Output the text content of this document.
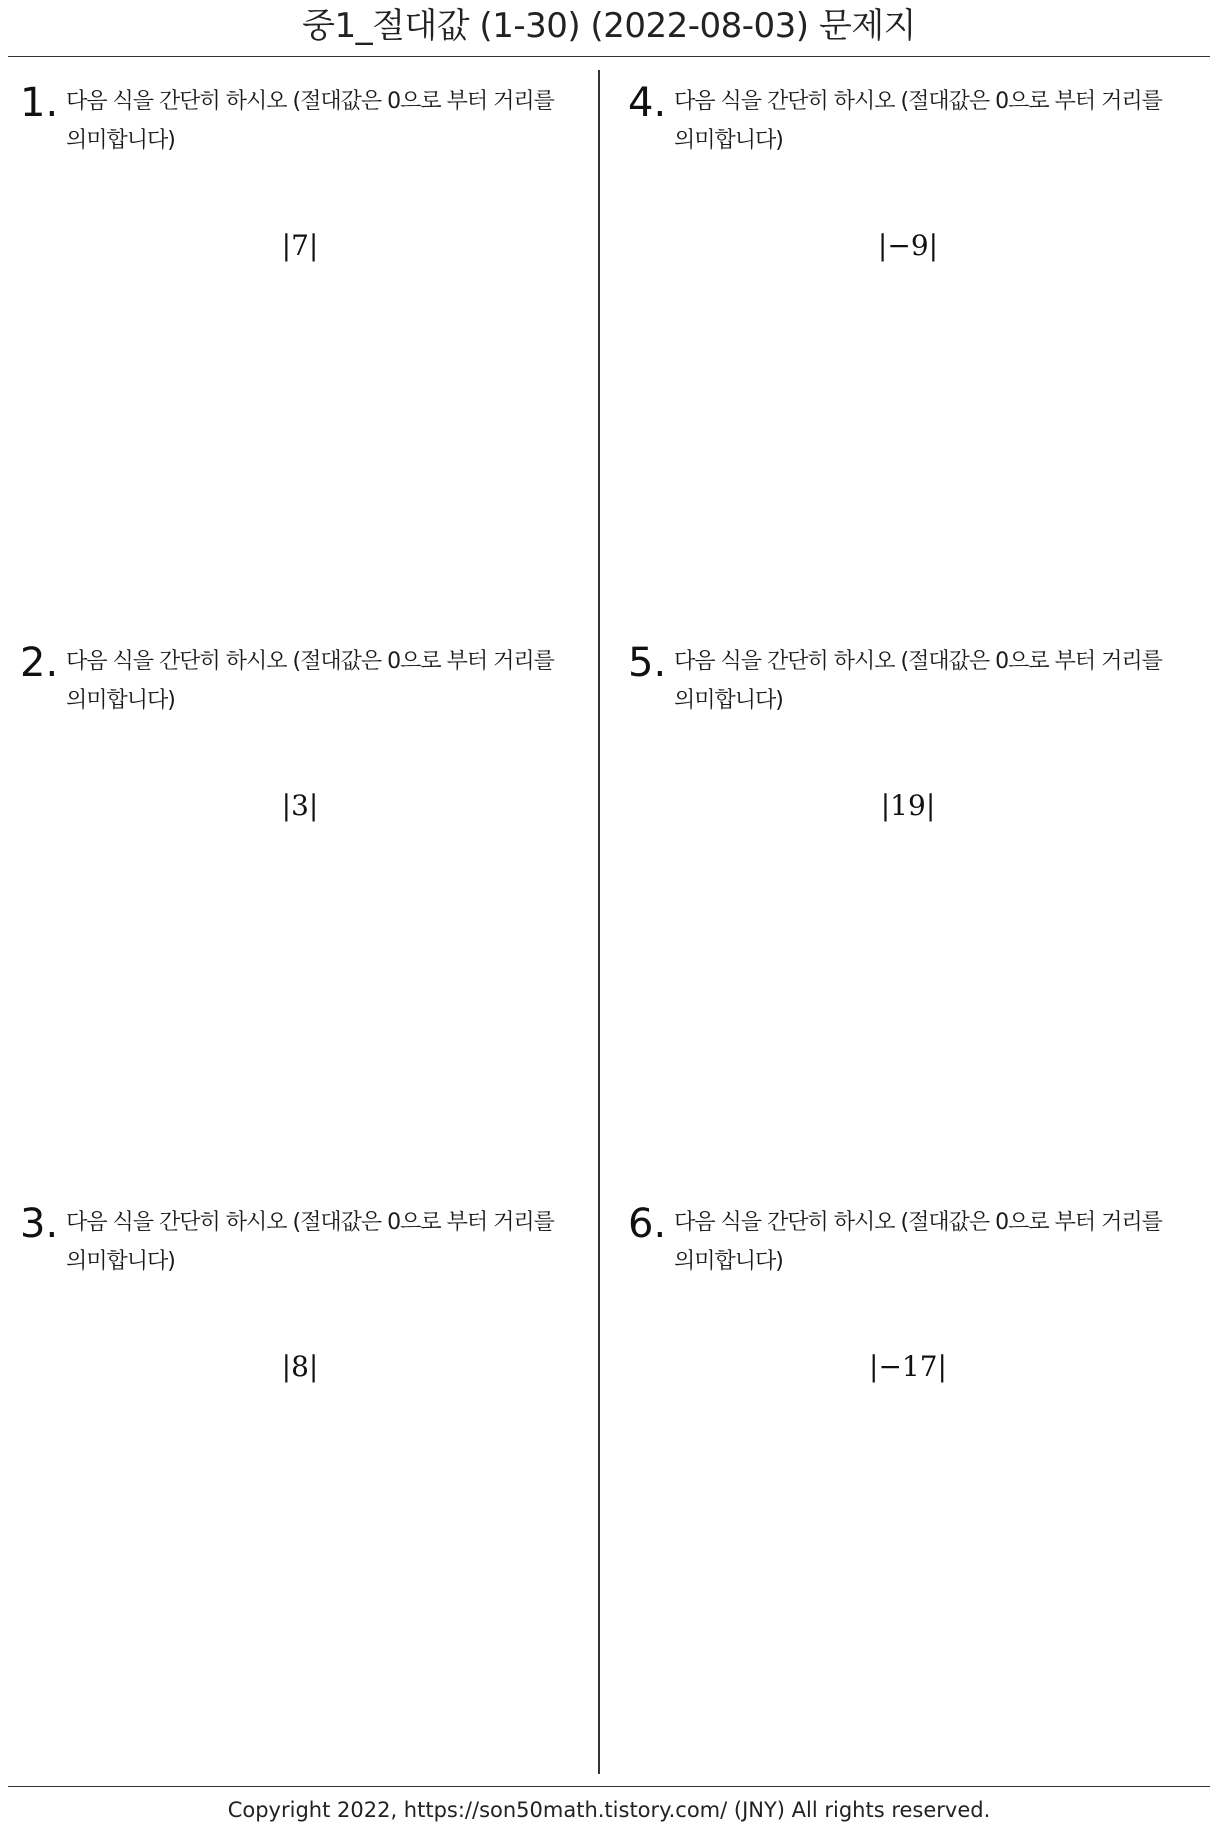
중1_절대값 (1-30) (2022-08-03) 문제지
1. 다음 식을 간단히 하시오 (절대값은 0으로 부터 거리를 의미합니다)
|7|
2. 다음 식을 간단히 하시오 (절대값은 0으로 부터 거리를 의미합니다)
|3|
3. 다음 식을 간단히 하시오 (절대값은 0으로 부터 거리를 의미합니다)
|8|
4. 다음 식을 간단히 하시오 (절대값은 0으로 부터 거리를 의미합니다)
|−9|
5. 다음 식을 간단히 하시오 (절대값은 0으로 부터 거리를 의미합니다)
|19|
6. 다음 식을 간단히 하시오 (절대값은 0으로 부터 거리를 의미합니다)
|−17|
Copyright 2022, https://son50math.tistory.com/ (JNY) All rights reserved.
